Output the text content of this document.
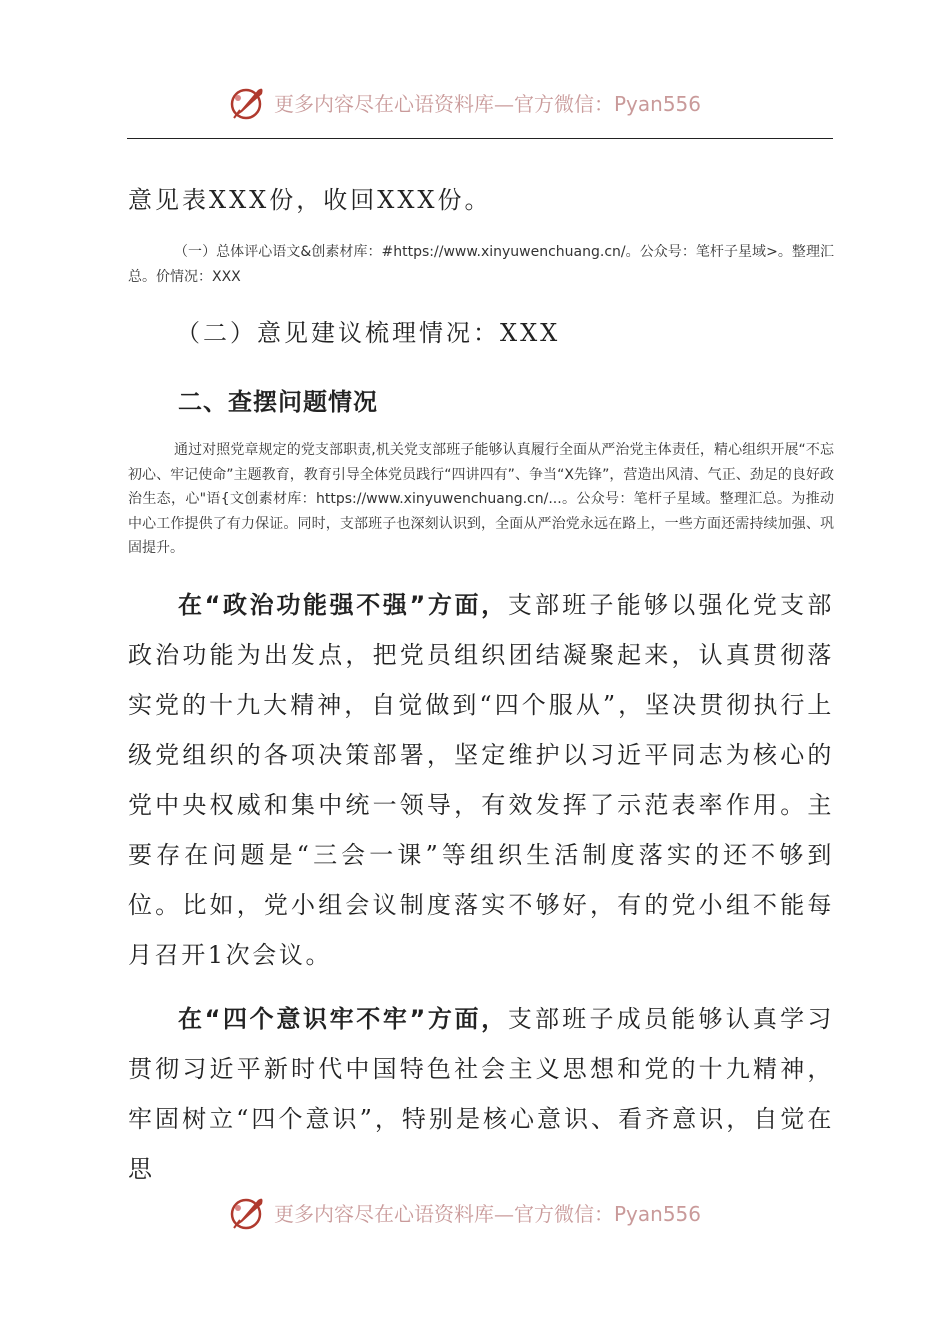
更多内容尽在心语资料库—官方微信：Pyan556
意见表XXX份，收回XXX份。
（一）总体评心语文&创素材库：#https://www.xinyuwenchuang.cn/。公众号：笔杆子星域>。整理汇总。价情况：XXX
（二）意见建议梳理情况：XXX
二、查摆问题情况
通过对照党章规定的党支部职责,机关党支部班子能够认真履行全面从严治党主体责任，精心组织开展“不忘初心、牢记使命”主题教育，教育引导全体党员践行“四讲四有”、争当“X先锋”，营造出风清、气正、劲足的良好政治生态，心"语{文创素材库：https://www.xinyuwenchuang.cn/...。公众号：笔杆子星域。整理汇总。为推动中心工作提供了有力保证。同时，支部班子也深刻认识到，全面从严治党永远在路上，一些方面还需持续加强、巩固提升。
在“政治功能强不强”方面，支部班子能够以强化党支部政治功能为出发点，把党员组织团结凝聚起来，认真贯彻落实党的十九大精神，自觉做到“四个服从”，坚决贯彻执行上级党组织的各项决策部署，坚定维护以习近平同志为核心的党中央权威和集中统一领导，有效发挥了示范表率作用。主要存在问题是“三会一课”等组织生活制度落实的还不够到位。比如，党小组会议制度落实不够好，有的党小组不能每月召开1次会议。
在“四个意识牢不牢”方面，支部班子成员能够认真学习贯彻习近平新时代中国特色社会主义思想和党的十九精神，牢固树立“四个意识”，特别是核心意识、看齐意识，自觉在思
更多内容尽在心语资料库—官方微信：Pyan556
